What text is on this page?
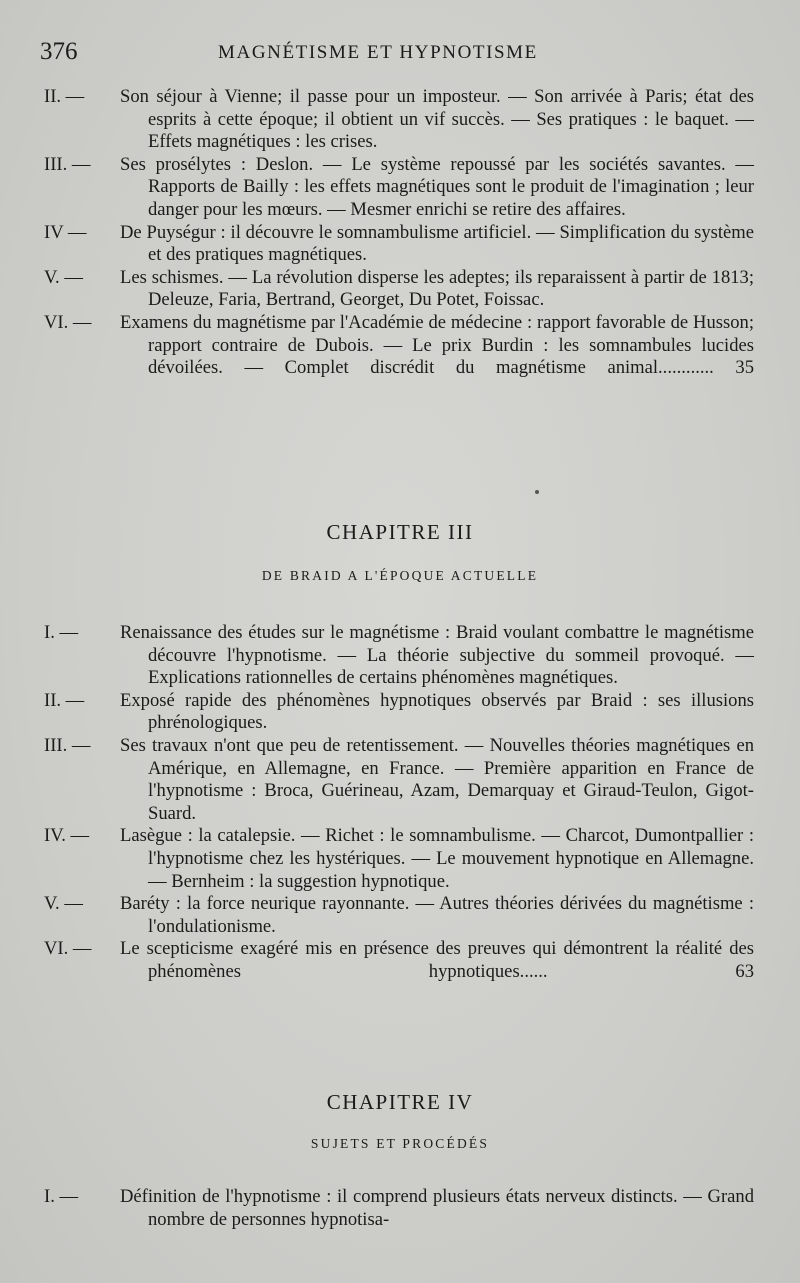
376	MAGNÉTISME ET HYPNOTISME
II. —	Son séjour à Vienne; il passe pour un imposteur. — Son arrivée à Paris; état des esprits à cette époque; il obtient un vif succès. — Ses pratiques : le baquet. — Effets magnétiques : les crises.
III. —	Ses prosélytes : Deslon. — Le système repoussé par les sociétés savantes. — Rapports de Bailly : les effets magnétiques sont le produit de l'imagination ; leur danger pour les mœurs. — Mesmer enrichi se retire des affaires.
IV —	De Puységur : il découvre le somnambulisme artificiel. — Simplification du système et des pratiques magnétiques.
V. —	Les schismes. — La révolution disperse les adeptes; ils reparaissent à partir de 1813; Deleuze, Faria, Bertrand, Georget, Du Potet, Foissac.
VI. —	Examens du magnétisme par l'Académie de médecine : rapport favorable de Husson; rapport contraire de Dubois. — Le prix Burdin : les somnambules lucides dévoilées. — Complet discrédit du magnétisme animal............ 35
CHAPITRE III
DE BRAID A L'ÉPOQUE ACTUELLE
I. —	Renaissance des études sur le magnétisme : Braid voulant combattre le magnétisme découvre l'hypnotisme. — La théorie subjective du sommeil provoqué. — Explications rationnelles de certains phénomènes magnétiques.
II. —	Exposé rapide des phénomènes hypnotiques observés par Braid : ses illusions phrénologiques.
III. —	Ses travaux n'ont que peu de retentissement. — Nouvelles théories magnétiques en Amérique, en Allemagne, en France. — Première apparition en France de l'hypnotisme : Broca, Guérineau, Azam, Demarquay et Giraud-Teulon, Gigot-Suard.
IV. —	Lasègue : la catalepsie. — Richet : le somnambulisme. — Charcot, Dumontpallier : l'hypnotisme chez les hystériques. — Le mouvement hypnotique en Allemagne. — Bernheim : la suggestion hypnotique.
V. —	Baréty : la force neurique rayonnante. — Autres théories dérivées du magnétisme : l'ondulationisme.
VI. —	Le scepticisme exagéré mis en présence des preuves qui démontrent la réalité des phénomènes hypnotiques...... 63
CHAPITRE IV
SUJETS ET PROCÉDÉS
I. —	Définition de l'hypnotisme : il comprend plusieurs états nerveux distincts. — Grand nombre de personnes hypnotisa-
